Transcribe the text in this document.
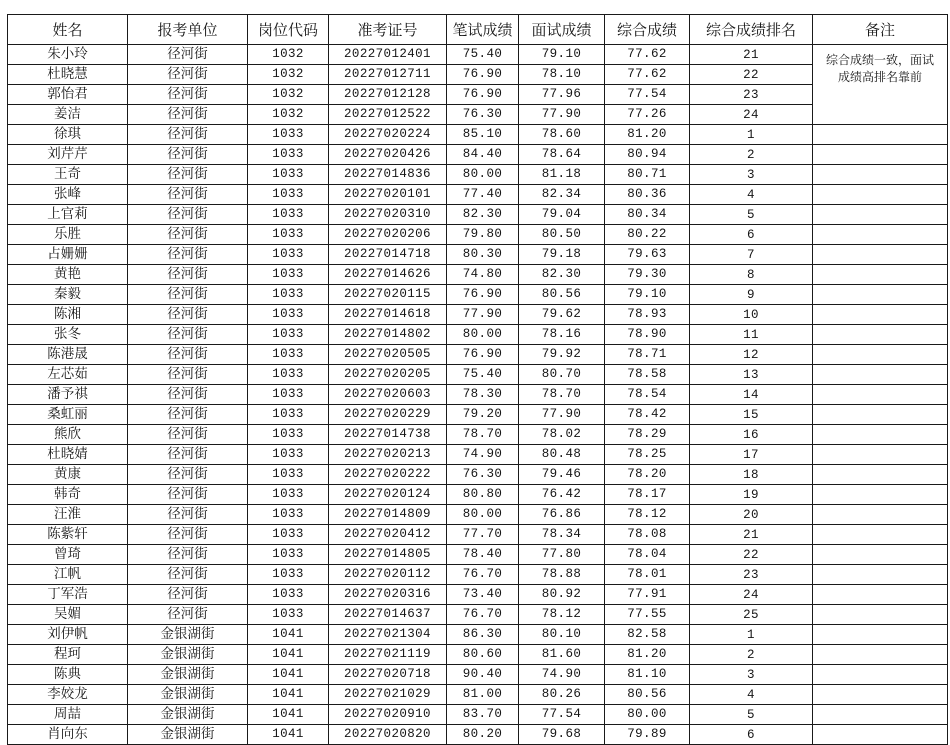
姓名	报考单位	岗位代码	准考证号	笔试成绩	面试成绩	综合成绩	综合成绩排名	备注
朱小玲	径河街	1032	20227012401	75.40	79.10	77.62	21	综合成绩一致，面试
成绩高排名靠前

杜晓慧	径河街	1032	20227012711	76.90	78.10	77.62	22	
郭怡君	径河街	1032	20227012128	76.90	77.96	77.54	23	
姜洁	径河街	1032	20227012522	76.30	77.90	77.26	24	
徐琪	径河街	1033	20227020224	85.10	78.60	81.20	1	
刘芹芹	径河街	1033	20227020426	84.40	78.64	80.94	2	
王奇	径河街	1033	20227014836	80.00	81.18	80.71	3	
张峰	径河街	1033	20227020101	77.40	82.34	80.36	4	
上官莉	径河街	1033	20227020310	82.30	79.04	80.34	5	
乐胜	径河街	1033	20227020206	79.80	80.50	80.22	6	
占姗姗	径河街	1033	20227014718	80.30	79.18	79.63	7	
黄艳	径河街	1033	20227014626	74.80	82.30	79.30	8	
秦毅	径河街	1033	20227020115	76.90	80.56	79.10	9	
陈湘	径河街	1033	20227014618	77.90	79.62	78.93	10	
张冬	径河街	1033	20227014802	80.00	78.16	78.90	11	
陈港晟	径河街	1033	20227020505	76.90	79.92	78.71	12	
左芯茹	径河街	1033	20227020205	75.40	80.70	78.58	13	
潘予祺	径河街	1033	20227020603	78.30	78.70	78.54	14	
桑虹丽	径河街	1033	20227020229	79.20	77.90	78.42	15	
熊欣	径河街	1033	20227014738	78.70	78.02	78.29	16	
杜晓婧	径河街	1033	20227020213	74.90	80.48	78.25	17	
黄康	径河街	1033	20227020222	76.30	79.46	78.20	18	
韩奇	径河街	1033	20227020124	80.80	76.42	78.17	19	
汪淮	径河街	1033	20227014809	80.00	76.86	78.12	20	
陈紫轩	径河街	1033	20227020412	77.70	78.34	78.08	21	
曾琦	径河街	1033	20227014805	78.40	77.80	78.04	22	
江帆	径河街	1033	20227020112	76.70	78.88	78.01	23	
丁军浩	径河街	1033	20227020316	73.40	80.92	77.91	24	
吴媚	径河街	1033	20227014637	76.70	78.12	77.55	25	
刘伊帆	金银湖街	1041	20227021304	86.30	80.10	82.58	1	
程珂	金银湖街	1041	20227021119	80.60	81.60	81.20	2	
陈典	金银湖街	1041	20227020718	90.40	74.90	81.10	3	
李姣龙	金银湖街	1041	20227021029	81.00	80.26	80.56	4	
周喆	金银湖街	1041	20227020910	83.70	77.54	80.00	5	
肖向东	金银湖街	1041	20227020820	80.20	79.68	79.89	6	
